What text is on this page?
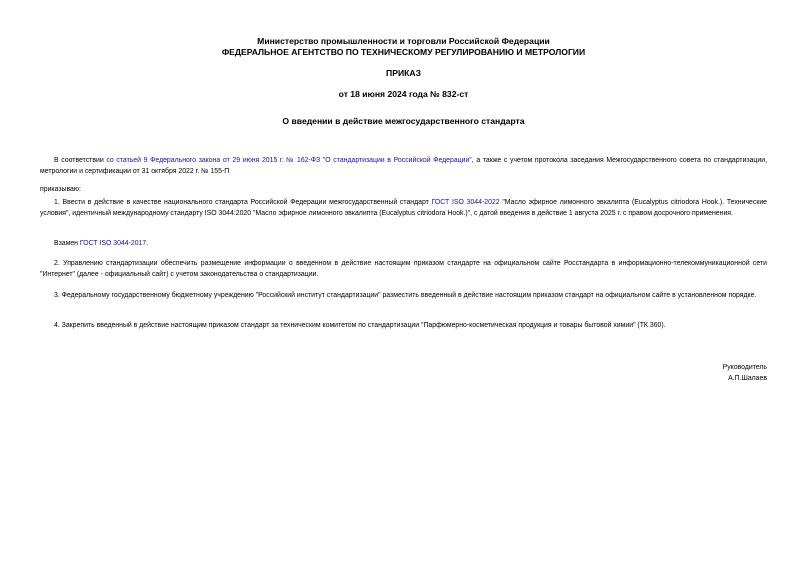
Министерство промышленности и торговли Российской Федерации
ФЕДЕРАЛЬНОЕ АГЕНТСТВО ПО ТЕХНИЧЕСКОМУ РЕГУЛИРОВАНИЮ И МЕТРОЛОГИИ
ПРИКАЗ
от 18 июня 2024 года № 832-ст
О введении в действие межгосударственного стандарта

В соответствии со статьей 9 Федерального закона от 29 июня 2015 г. № 162-ФЗ "О стандартизации в Российской Федерации", а также с учетом протокола заседания Межгосударственного совета по стандартизации, метрологии и сертификации от 31 октября 2022 г. № 155-П

приказываю:

1. Ввести в действие в качестве национального стандарта Российской Федерации межгосударственный стандарт ГОСТ ISO 3044-2022 "Масло эфирное лимонного эвкалипта (Eucalyptus citriodora Hook.). Технические условия", идентичный международному стандарту ISO 3044:2020 "Масло эфирное лимонного эвкалипта (Eucalyptus citriodora Hook.)", с датой введения в действие 1 августа 2025 г. с правом досрочного применения.

Взамен ГОСТ ISO 3044-2017.

2. Управлению стандартизации обеспечить размещение информации о введенном в действие настоящим приказом стандарте на официальном сайте Росстандарта в информационно-телекоммуникационной сети "Интернет" (далее - официальный сайт) с учетом законодательства о стандартизации.

3. Федеральному государственному бюджетному учреждению "Российский институт стандартизации" разместить введенный в действие настоящим приказом стандарт на официальном сайте в установленном порядке.

4. Закрепить введенный в действие настоящим приказом стандарт за техническим комитетом по стандартизации "Парфюмерно-косметическая продукция и товары бытовой химии" (ТК 360).

Руководитель
А.П.Шалаев
